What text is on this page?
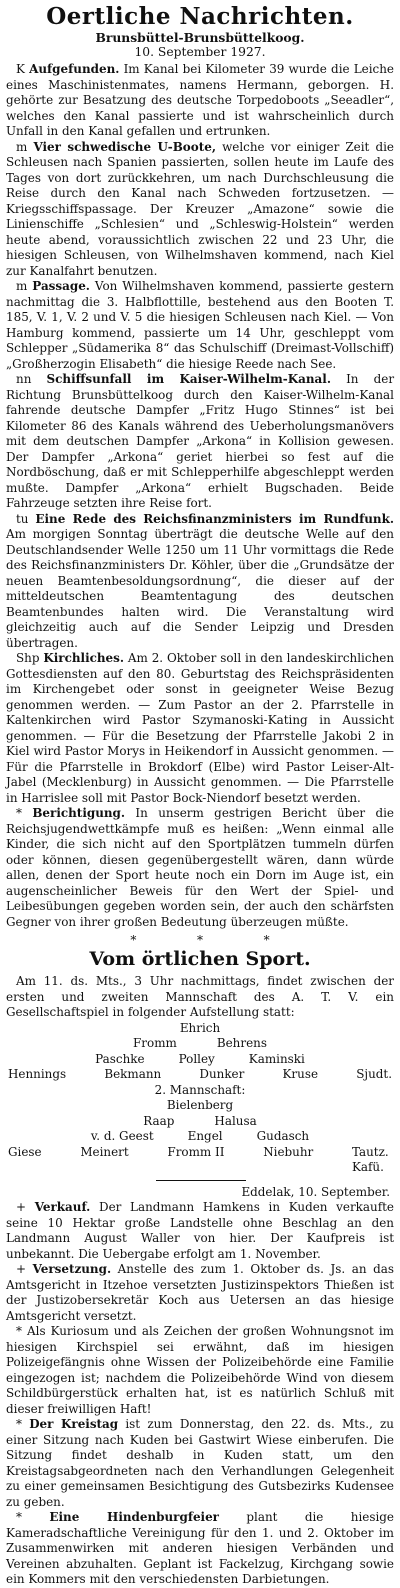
Oertliche Nachrichten.
Brunsbüttel-Brunsbüttelkoog.
10. September 1927.

K Aufgefunden. Im Kanal bei Kilometer 39 wurde die Leiche eines Maschinistenmates, namens Hermann, geborgen. H. gehörte zur Besatzung des deutsche Torpedoboots „Seeadler“, welches den Kanal passierte und ist wahrscheinlich durch Unfall in den Kanal gefallen und ertrunken.

m Vier schwedische U-Boote, welche vor einiger Zeit die Schleusen nach Spanien passierten, sollen heute im Laufe des Tages von dort zurückkehren, um nach Durchschleusung die Reise durch den Kanal nach Schweden fortzusetzen. — Kriegsschiffspassage. Der Kreuzer „Amazone“ sowie die Linienschiffe „Schlesien“ und „Schleswig-Holstein“ werden heute abend, voraussichtlich zwischen 22 und 23 Uhr, die hiesigen Schleusen, von Wilhelmshaven kommend, nach Kiel zur Kanalfahrt benutzen.

m Passage. Von Wilhelmshaven kommend, passierte gestern nachmittag die 3. Halbflottille, bestehend aus den Booten T. 185, V. 1, V. 2 und V. 5 die hiesigen Schleusen nach Kiel. — Von Hamburg kommend, passierte um 14 Uhr, geschleppt vom Schlepper „Südamerika 8“ das Schulschiff (Dreimast-Vollschiff) „Großherzogin Elisabeth“ die hiesige Reede nach See.

nn Schiffsunfall im Kaiser-Wilhelm-Kanal. In der Richtung Brunsbüttelkoog durch den Kaiser-Wilhelm-Kanal fahrende deutsche Dampfer „Fritz Hugo Stinnes“ ist bei Kilometer 86 des Kanals während des Ueberholungsmanövers mit dem deutschen Dampfer „Arkona“ in Kollision gewesen. Der Dampfer „Arkona“ geriet hierbei so fest auf die Nordböschung, daß er mit Schlepperhilfe abgeschleppt werden mußte. Dampfer „Arkona“ erhielt Bugschaden. Beide Fahrzeuge setzten ihre Reise fort.

tu Eine Rede des Reichsfinanzministers im Rundfunk. Am morgigen Sonntag überträgt die deutsche Welle auf den Deutschlandsender Welle 1250 um 11 Uhr vormittags die Rede des Reichsfinanzministers Dr. Köhler, über die „Grundsätze der neuen Beamtenbesoldungsordnung“, die dieser auf der mitteldeutschen Beamtentagung des deutschen Beamtenbundes halten wird. Die Veranstaltung wird gleichzeitig auch auf die Sender Leipzig und Dresden übertragen.

Shp Kirchliches. Am 2. Oktober soll in den landeskirchlichen Gottesdiensten auf den 80. Geburtstag des Reichspräsidenten im Kirchengebet oder sonst in geeigneter Weise Bezug genommen werden. — Zum Pastor an der 2. Pfarrstelle in Kaltenkirchen wird Pastor Szymanoski-Kating in Aussicht genommen. — Für die Besetzung der Pfarrstelle Jakobi 2 in Kiel wird Pastor Morys in Heikendorf in Aussicht genommen. — Für die Pfarrstelle in Brokdorf (Elbe) wird Pastor Leiser-Alt-Jabel (Mecklenburg) in Aussicht genommen. — Die Pfarrstelle in Harrislee soll mit Pastor Bock-Niendorf besetzt werden.

* Berichtigung. In unserm gestrigen Bericht über die Reichsjugendwettkämpfe muß es heißen: „Wenn einmal alle Kinder, die sich nicht auf den Sportplätzen tummeln dürfen oder können, diesen gegenübergestellt wären, dann würde allen, denen der Sport heute noch ein Dorn im Auge ist, ein augenscheinlicher Beweis für den Wert der Spiel- und Leibesübungen gegeben worden sein, der auch den schärfsten Gegner von ihrer großen Bedeutung überzeugen müßte.

*	*	*
Vom örtlichen Sport.

Am 11. ds. Mts., 3 Uhr nachmittags, findet zwischen der ersten und zweiten Mannschaft des A. T. V. ein Gesellschaftspiel in folgender Aufstellung statt:

Ehrich
Fromm	Behrens
Paschke	Polley	Kaminski
Hennings	Bekmann	Dunker	Kruse	Sjudt.
2. Mannschaft:
Bielenberg
Raap	Halusa
v. d. Geest	Engel	Gudasch
Giese	Meinert	Fromm II	Niebuhr	Tautz. Kafü.
Eddelak, 10. September.

+ Verkauf. Der Landmann Hamkens in Kuden verkaufte seine 10 Hektar große Landstelle ohne Beschlag an den Landmann August Waller von hier. Der Kaufpreis ist unbekannt. Die Uebergabe erfolgt am 1. November.

+ Versetzung. Anstelle des zum 1. Oktober ds. Js. an das Amtsgericht in Itzehoe versetzten Justizinspektors Thießen ist der Justizobersekretär Koch aus Uetersen an das hiesige Amtsgericht versetzt.

* Als Kuriosum und als Zeichen der großen Wohnungsnot im hiesigen Kirchspiel sei erwähnt, daß im hiesigen Polizeigefängnis ohne Wissen der Polizeibehörde eine Familie eingezogen ist; nachdem die Polizeibehörde Wind von diesem Schildbürgerstück erhalten hat, ist es natürlich Schluß mit dieser freiwilligen Haft!

* Der Kreistag ist zum Donnerstag, den 22. ds. Mts., zu einer Sitzung nach Kuden bei Gastwirt Wiese einberufen. Die Sitzung findet deshalb in Kuden statt, um den Kreistagsabgeordneten nach den Verhandlungen Gelegenheit zu einer gemeinsamen Besichtigung des Gutsbezirks Kudensee zu geben.

* Eine Hindenburgfeier plant die hiesige Kameradschaftliche Vereinigung für den 1. und 2. Oktober im Zusammenwirken mit anderen hiesigen Verbänden und Vereinen abzuhalten. Geplant ist Fackelzug, Kirchgang sowie ein Kommers mit den verschiedensten Darbietungen.
